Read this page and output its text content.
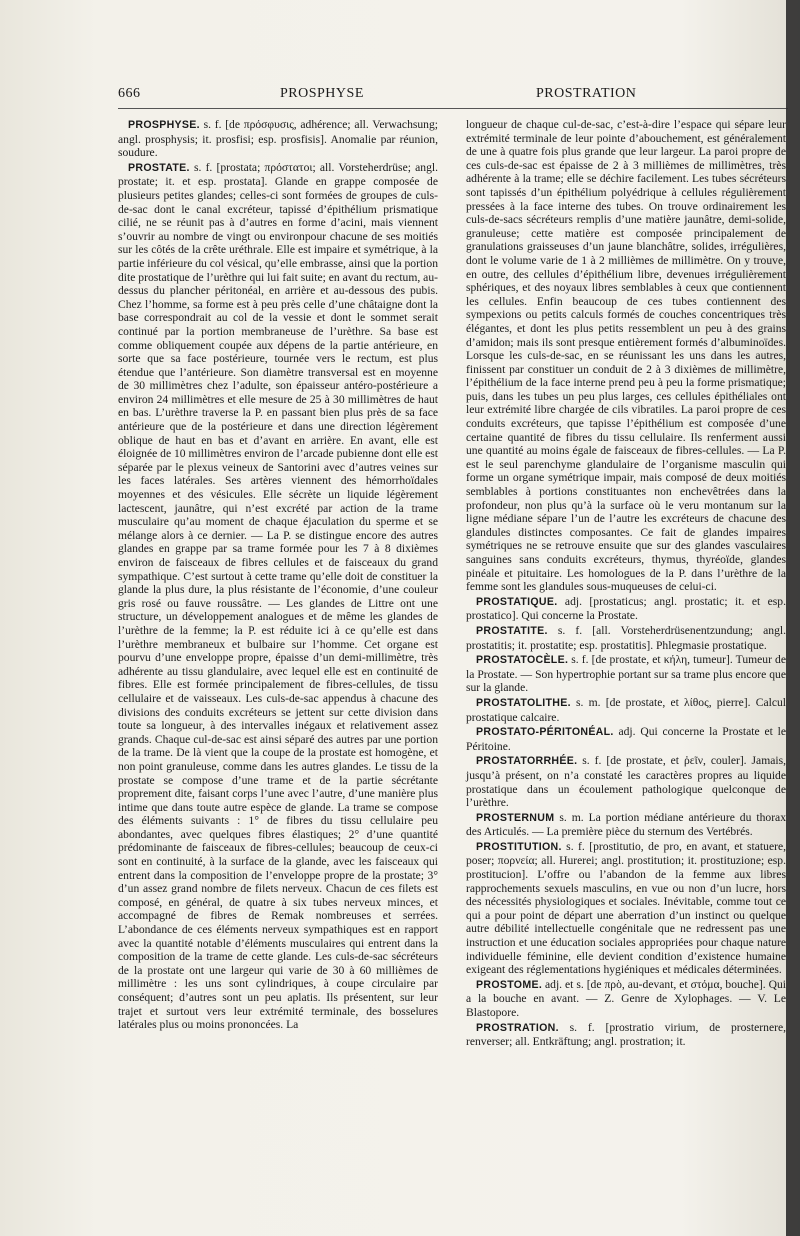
666	PROSPHYSE	PROSTRATION

PROSPHYSE. s. f. [de πρόσφυσις, adhérence; all. Verwachsung; angl. prosphysis; it. prosfisi; esp. prosfisis]. Anomalie par réunion, soudure.

PROSTATE. s. f. [prostata; πρόστατοι; all. Vorsteherdrüse; angl. prostate; it. et esp. prostata]. Glande en grappe composée de plusieurs petites glandes; celles-ci sont formées de groupes de culs-de-sac dont le canal excréteur, tapissé d’épithélium prismatique cilié, ne se réunit pas à d’autres en forme d’acini, mais viennent s’ouvrir au nombre de vingt ou environpour chacune de ses moitiés sur les côtés de la crête uréthrale. Elle est impaire et symétrique, à la partie inférieure du col vésical, qu’elle embrasse, ainsi que la portion dite prostatique de l’urèthre qui lui fait suite; en avant du rectum, au-dessus du plancher péritonéal, en arrière et au-dessous des pubis. Chez l’homme, sa forme est à peu près celle d’une châtaigne dont la base correspondrait au col de la vessie et dont le sommet serait continué par la portion membraneuse de l’urèthre. Sa base est comme obliquement coupée aux dépens de la partie antérieure, en sorte que sa face postérieure, tournée vers le rectum, est plus étendue que l’antérieure. Son diamètre transversal est en moyenne de 30 millimètres chez l’adulte, son épaisseur antéro-postérieure a environ 24 millimètres et elle mesure de 25 à 30 millimètres de haut en bas. L’urèthre traverse la P. en passant bien plus près de sa face antérieure que de la postérieure et dans une direction légèrement oblique de haut en bas et d’avant en arrière. En avant, elle est éloignée de 10 millimètres environ de l’arcade pubienne dont elle est séparée par le plexus veineux de Santorini avec d’autres veines sur les faces latérales. Ses artères viennent des hémorrhoïdales moyennes et des vésicules. Elle sécrète un liquide légèrement lactescent, jaunâtre, qui n’est excrété par action de la trame musculaire qu’au moment de chaque éjaculation du sperme et se mélange alors à ce dernier. — La P. se distingue encore des autres glandes en grappe par sa trame formée pour les 7 à 8 dixièmes environ de faisceaux de fibres cellules et de faisceaux du grand sympathique. C’est surtout à cette trame qu’elle doit de constituer la glande la plus dure, la plus résistante de l’économie, d’une couleur gris rosé ou fauve roussâtre. — Les glandes de Littre ont une structure, un développement analogues et de même les glandes de l’urèthre de la femme; la P. est réduite ici à ce qu’elle est dans l’urèthre membraneux et bulbaire sur l’homme. Cet organe est pourvu d’une enveloppe propre, épaisse d’un demi-millimètre, très adhérente au tissu glandulaire, avec lequel elle est en continuité de fibres. Elle est formée principalement de fibres-cellules, de tissu cellulaire et de vaisseaux. Les culs-de-sac appendus à chacune des divisions des conduits excréteurs se jettent sur cette division dans toute sa longueur, à des intervalles inégaux et relativement assez grands. Chaque cul-de-sac est ainsi séparé des autres par une portion de la trame. De là vient que la coupe de la prostate est homogène, et non point granuleuse, comme dans les autres glandes. Le tissu de la prostate se compose d’une trame et de la partie sécrétante proprement dite, faisant corps l’une avec l’autre, d’une manière plus intime que dans toute autre espèce de glande. La trame se compose des éléments suivants : 1° de fibres du tissu cellulaire peu abondantes, avec quelques fibres élastiques; 2° d’une quantité prédominante de faisceaux de fibres-cellules; beaucoup de ceux-ci sont en continuité, à la surface de la glande, avec les faisceaux qui entrent dans la composition de l’enveloppe propre de la prostate; 3° d’un assez grand nombre de filets nerveux. Chacun de ces filets est composé, en général, de quatre à six tubes nerveux minces, et accompagné de fibres de Remak nombreuses et serrées. L’abondance de ces éléments nerveux sympathiques est en rapport avec la quantité notable d’éléments musculaires qui entrent dans la composition de la trame de cette glande. Les culs-de-sac sécréteurs de la prostate ont une largeur qui varie de 30 à 60 millièmes de millimètre : les uns sont cylindriques, à coupe circulaire par conséquent; d’autres sont un peu aplatis. Ils présentent, sur leur trajet et surtout vers leur extrémité terminale, des bosselures latérales plus ou moins prononcées. La

longueur de chaque cul-de-sac, c’est-à-dire l’espace qui sépare leur extrémité terminale de leur pointe d’abouchement, est généralement de une à quatre fois plus grande que leur largeur. La paroi propre de ces culs-de-sac est épaisse de 2 à 3 millièmes de millimètres, très adhérente à la trame; elle se déchire facilement. Les tubes sécréteurs sont tapissés d’un épithélium polyédrique à cellules régulièrement pressées à la face interne des tubes. On trouve ordinairement les culs-de-sacs sécréteurs remplis d’une matière jaunâtre, demi-solide, granuleuse; cette matière est composée principalement de granulations graisseuses d’un jaune blanchâtre, solides, irrégulières, dont le volume varie de 1 à 2 millièmes de millimètre. On y trouve, en outre, des cellules d’épithélium libre, devenues irrégulièrement sphériques, et des noyaux libres semblables à ceux que contiennent les cellules. Enfin beaucoup de ces tubes contiennent des sympexions ou petits calculs formés de couches concentriques très élégantes, et dont les plus petits ressemblent un peu à des grains d’amidon; mais ils sont presque entièrement formés d’albuminoïdes. Lorsque les culs-de-sac, en se réunissant les uns dans les autres, finissent par constituer un conduit de 2 à 3 dixièmes de millimètre, l’épithélium de la face interne prend peu à peu la forme prismatique; puis, dans les tubes un peu plus larges, ces cellules épithéliales ont leur extrémité libre chargée de cils vibratiles. La paroi propre de ces conduits excréteurs, que tapisse l’épithélium est composée d’une certaine quantité de fibres du tissu cellulaire. Ils renferment aussi une quantité au moins égale de faisceaux de fibres-cellules. — La P. est le seul parenchyme glandulaire de l’organisme masculin qui forme un organe symétrique impair, mais composé de deux moitiés semblables à portions constituantes non enchevêtrées dans la profondeur, non plus qu’à la surface où le veru montanum sur la ligne médiane sépare l’un de l’autre les excréteurs de chacune des glandules distinctes composantes. Ce fait de glandes impaires symétriques ne se retrouve ensuite que sur des glandes vasculaires sanguines sans conduits excréteurs, thymus, thyréoïde, glandes pinéale et pituitaire. Les homologues de la P. dans l’urèthre de la femme sont les glandules sous-muqueuses de celui-ci.

PROSTATIQUE. adj. [prostaticus; angl. prostatic; it. et esp. prostatico]. Qui concerne la Prostate.

PROSTATITE. s. f. [all. Vorsteherdrüsenentzundung; angl. prostatitis; it. prostatite; esp. prostatitis]. Phlegmasie prostatique.

PROSTATOCÈLE. s. f. [de prostate, et κήλη, tumeur]. Tumeur de la Prostate. — Son hypertrophie portant sur sa trame plus encore que sur la glande.

PROSTATOLITHE. s. m. [de prostate, et λίθος, pierre]. Calcul prostatique calcaire.

PROSTATO-PÉRITONÉAL. adj. Qui concerne la Prostate et le Péritoine.

PROSTATORRHÉE. s. f. [de prostate, et ῥεῖν, couler]. Jamais, jusqu’à présent, on n’a constaté les caractères propres au liquide prostatique dans un écoulement pathologique quelconque de l’urèthre.

PROSTERNUM s. m. La portion médiane antérieure du thorax des Articulés. — La première pièce du sternum des Vertébrés.

PROSTITUTION. s. f. [prostitutio, de pro, en avant, et statuere, poser; πορνεία; all. Hurerei; angl. prostitution; it. prostituzione; esp. prostitucion]. L’offre ou l’abandon de la femme aux libres rapprochements sexuels masculins, en vue ou non d’un lucre, hors des nécessités physiologiques et sociales. Inévitable, comme tout ce qui a pour point de départ une aberration d’un instinct ou quelque autre débilité intellectuelle congénitale que ne redressent pas une instruction et une éducation sociales appropriées pour chaque nature individuelle féminine, elle devient condition d’existence humaine exigeant des réglementations hygiéniques et médicales déterminées.

PROSTOME. adj. et s. [de πρὸ, au-devant, et στόμα, bouche]. Qui a la bouche en avant. — Z. Genre de Xylophages. — V. Le Blastopore.

PROSTRATION. s. f. [prostratio virium, de prosternere, renverser; all. Entkräftung; angl. prostration; it.
